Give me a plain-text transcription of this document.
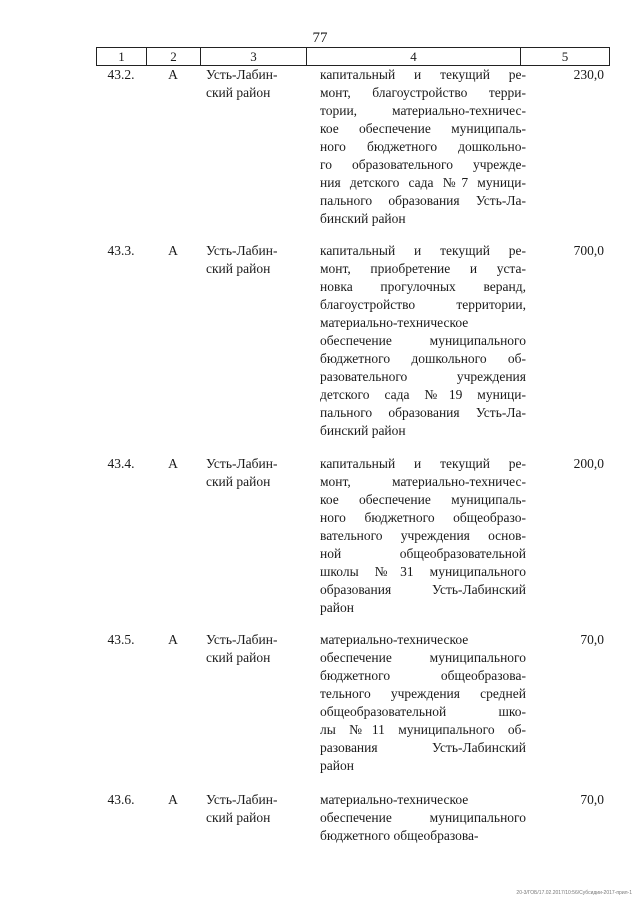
77
1	2	3	4	5
43.2.	А	Усть-Лабин-
ский район
капитальный и текущий ре-
монт, благоустройство терри-
тории, материально-техничес-
кое обеспечение муниципаль-
ного бюджетного дошкольно-
го образовательного учрежде-
ния детского сада №7 муници-
пального образования Усть-Ла-
бинский район
230,0
43.3.	А	Усть-Лабин-
ский район
капитальный и текущий ре-
монт, приобретение и уста-
новка прогулочных веранд,
благоустройство территории,
материально-техническое
обеспечение муниципального
бюджетного дошкольного об-
разовательного учреждения
детского сада №19 муници-
пального образования Усть-Ла-
бинский район
700,0
43.4.	А	Усть-Лабин-
ский район
капитальный и текущий ре-
монт, материально-техничес-
кое обеспечение муниципаль-
ного бюджетного общеобразо-
вательного учреждения основ-
ной общеобразовательной
школы №31 муниципального
образования Усть-Лабинский
район
200,0
43.5.	А	Усть-Лабин-
ский район
материально-техническое
обеспечение муниципального
бюджетного общеобразова-
тельного учреждения средней
общеобразовательной шко-
лы №11 муниципального об-
разования Усть-Лабинский
район
70,0
43.6.	А	Усть-Лабин-
ский район
материально-техническое
обеспечение муниципального
бюджетного общеобразова-
70,0
20-3/ГОБ/17.02.2017/10:56/Субсидии-2017-прил-1
